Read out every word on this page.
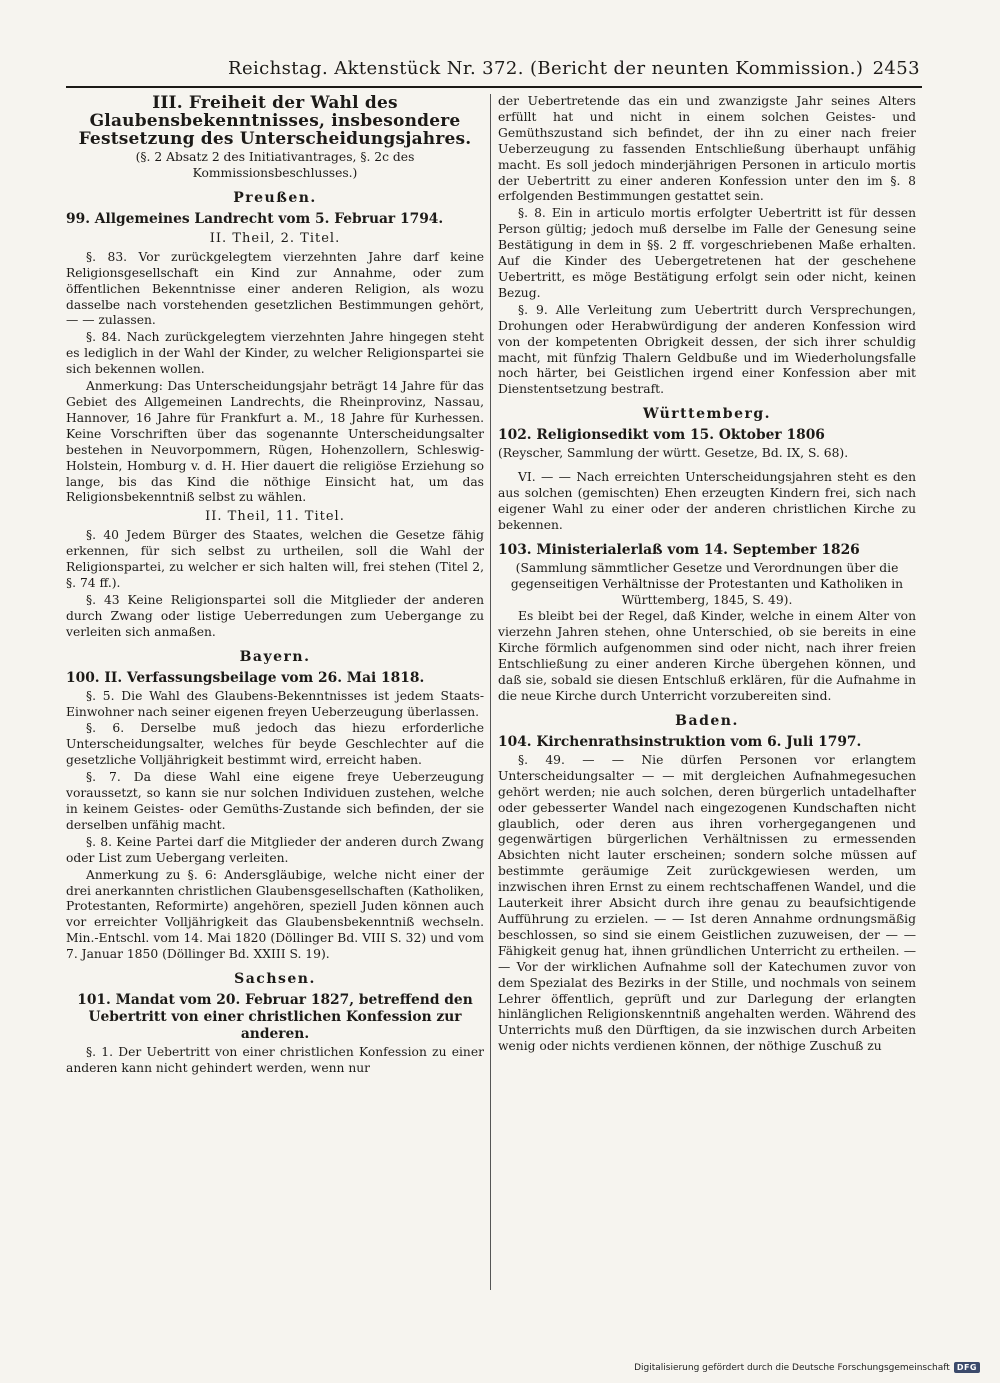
Reichstag. Aktenstück Nr. 372. (Bericht der neunten Kommission.) 2453
III. Freiheit der Wahl des Glaubensbekenntnisses, insbesondere Festsetzung des Unterscheidungsjahres.
(§. 2 Absatz 2 des Initiativantrages, §. 2c des Kommissionsbeschlusses.)
Preußen.
99. Allgemeines Landrecht vom 5. Februar 1794.
II. Theil, 2. Titel.

§. 83. Vor zurückgelegtem vierzehnten Jahre darf keine Religionsgesellschaft ein Kind zur Annahme, oder zum öffentlichen Bekenntnisse einer anderen Religion, als wozu dasselbe nach vorstehenden gesetzlichen Bestimmungen gehört, — — zulassen.

§. 84. Nach zurückgelegtem vierzehnten Jahre hingegen steht es lediglich in der Wahl der Kinder, zu welcher Religionspartei sie sich bekennen wollen.

Anmerkung: Das Unterscheidungsjahr beträgt 14 Jahre für das Gebiet des Allgemeinen Landrechts, die Rheinprovinz, Nassau, Hannover, 16 Jahre für Frankfurt a. M., 18 Jahre für Kurhessen. Keine Vorschriften über das sogenannte Unterscheidungsalter bestehen in Neuvorpommern, Rügen, Hohenzollern, Schleswig-Holstein, Homburg v. d. H. Hier dauert die religiöse Erziehung so lange, bis das Kind die nöthige Einsicht hat, um das Religionsbekenntniß selbst zu wählen.

II. Theil, 11. Titel.

§. 40 Jedem Bürger des Staates, welchen die Gesetze fähig erkennen, für sich selbst zu urtheilen, soll die Wahl der Religionspartei, zu welcher er sich halten will, frei stehen (Titel 2, §. 74 ff.).

§. 43 Keine Religionspartei soll die Mitglieder der anderen durch Zwang oder listige Ueberredungen zum Uebergange zu verleiten sich anmaßen.

Bayern.
100. II. Verfassungsbeilage vom 26. Mai 1818.

§. 5. Die Wahl des Glaubens-Bekenntnisses ist jedem Staats-Einwohner nach seiner eigenen freyen Ueberzeugung überlassen.

§. 6. Derselbe muß jedoch das hiezu erforderliche Unterscheidungsalter, welches für beyde Geschlechter auf die gesetzliche Volljährigkeit bestimmt wird, erreicht haben.

§. 7. Da diese Wahl eine eigene freye Ueberzeugung voraussetzt, so kann sie nur solchen Individuen zustehen, welche in keinem Geistes- oder Gemüths-Zustande sich befinden, der sie derselben unfähig macht.

§. 8. Keine Partei darf die Mitglieder der anderen durch Zwang oder List zum Uebergang verleiten.

Anmerkung zu §. 6: Andersgläubige, welche nicht einer der drei anerkannten christlichen Glaubensgesellschaften (Katholiken, Protestanten, Reformirte) angehören, speziell Juden können auch vor erreichter Volljährigkeit das Glaubensbekenntniß wechseln. Min.-Entschl. vom 14. Mai 1820 (Döllinger Bd. VIII S. 32) und vom 7. Januar 1850 (Döllinger Bd. XXIII S. 19).

Sachsen.
101. Mandat vom 20. Februar 1827, betreffend den Uebertritt von einer christlichen Konfession zur anderen.

§. 1. Der Uebertritt von einer christlichen Konfession zu einer anderen kann nicht gehindert werden, wenn nur

der Uebertretende das ein und zwanzigste Jahr seines Alters erfüllt hat und nicht in einem solchen Geistes- und Gemüthszustand sich befindet, der ihn zu einer nach freier Ueberzeugung zu fassenden Entschließung überhaupt unfähig macht. Es soll jedoch minderjährigen Personen in articulo mortis der Uebertritt zu einer anderen Konfession unter den im §. 8 erfolgenden Bestimmungen gestattet sein.

§. 8. Ein in articulo mortis erfolgter Uebertritt ist für dessen Person gültig; jedoch muß derselbe im Falle der Genesung seine Bestätigung in dem in §§. 2 ff. vorgeschriebenen Maße erhalten. Auf die Kinder des Uebergetretenen hat der geschehene Uebertritt, es möge Bestätigung erfolgt sein oder nicht, keinen Bezug.

§. 9. Alle Verleitung zum Uebertritt durch Versprechungen, Drohungen oder Herabwürdigung der anderen Konfession wird von der kompetenten Obrigkeit dessen, der sich ihrer schuldig macht, mit fünfzig Thalern Geldbuße und im Wiederholungsfalle noch härter, bei Geistlichen irgend einer Konfession aber mit Dienstentsetzung bestraft.

Württemberg.
102. Religionsedikt vom 15. Oktober 1806
(Reyscher, Sammlung der württ. Gesetze, Bd. IX, S. 68).

VI. — — Nach erreichten Unterscheidungsjahren steht es den aus solchen (gemischten) Ehen erzeugten Kindern frei, sich nach eigener Wahl zu einer oder der anderen christlichen Kirche zu bekennen.

103. Ministerialerlaß vom 14. September 1826
(Sammlung sämmtlicher Gesetze und Verordnungen über die gegenseitigen Verhältnisse der Protestanten und Katholiken in Württemberg, 1845, S. 49).

Es bleibt bei der Regel, daß Kinder, welche in einem Alter von vierzehn Jahren stehen, ohne Unterschied, ob sie bereits in eine Kirche förmlich aufgenommen sind oder nicht, nach ihrer freien Entschließung zu einer anderen Kirche übergehen können, und daß sie, sobald sie diesen Entschluß erklären, für die Aufnahme in die neue Kirche durch Unterricht vorzubereiten sind.

Baden.
104. Kirchenrathsinstruktion vom 6. Juli 1797.

§. 49. — — Nie dürfen Personen vor erlangtem Unterscheidungsalter — — mit dergleichen Aufnahmegesuchen gehört werden; nie auch solchen, deren bürgerlich untadelhafter oder gebesserter Wandel nach eingezogenen Kundschaften nicht glaublich, oder deren aus ihren vorhergegangenen und gegenwärtigen bürgerlichen Verhältnissen zu ermessenden Absichten nicht lauter erscheinen; sondern solche müssen auf bestimmte geräumige Zeit zurückgewiesen werden, um inzwischen ihren Ernst zu einem rechtschaffenen Wandel, und die Lauterkeit ihrer Absicht durch ihre genau zu beaufsichtigende Aufführung zu erzielen. — — Ist deren Annahme ordnungsmäßig beschlossen, so sind sie einem Geistlichen zuzuweisen, der — — Fähigkeit genug hat, ihnen gründlichen Unterricht zu ertheilen. — — Vor der wirklichen Aufnahme soll der Katechumen zuvor von dem Spezialat des Bezirks in der Stille, und nochmals von seinem Lehrer öffentlich, geprüft und zur Darlegung der erlangten hinlänglichen Religionskenntniß angehalten werden. Während des Unterrichts muß den Dürftigen, da sie inzwischen durch Arbeiten wenig oder nichts verdienen können, der nöthige Zuschuß zu

Digitalisierung gefördert durch die Deutsche Forschungsgemeinschaft DFG
